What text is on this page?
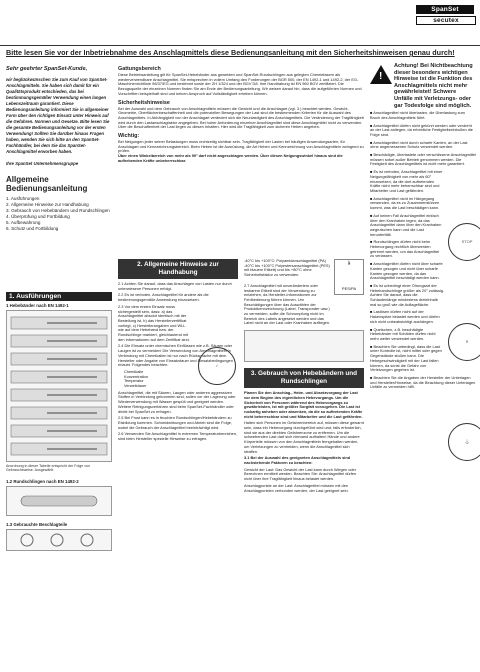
SpanSet
secutex
Bitte lesen Sie vor der Inbetriebnahme des Anschlagmittels diese Bedienungsanleitung mit den Sicherheitshinweisen genau durch!

Sehr geehrter SpanSet-Kunde,

wir beglückwünschen Sie zum Kauf von SpanSet-Anschlagmitteln. Sie haben sich damit für ein Qualitätsprodukt entschieden, das bei bestimmungsgemäßer Verwendung einen langen Lebenszeitraum garantiert. Diese Bedienungsanleitung informiert Sie in allgemeiner Form über den richtigen Einsatz unter Hinweis auf die Gefahren. Normen und Gesetze. Bitte lesen Sie die gesamte Bedienungsanleitung vor der ersten Verwendung! Sollten Sie darüber hinaus Fragen haben, wenden Sie sich bitte an den SpanSet-Fachhändler, bei dem Sie das SpanSet-Anschlagmittel erworben haben.

Ihre SpanSet Unternehmensgruppe

Allgemeine Bedienungsanleitung
1. Ausführungen
2. Allgemeine Hinweise zur Handhabung
3. Gebrauch von Hebebändern und Rundschlingen
4. Überprüfung und Fortbildung
5. Aufbewahrung
6. Schutz und Fortbildung
1. Ausführungen
1 Hebebänder nach EN 1492-1

Anordnung in dieser Tabelle entspricht der Folge von Gebrauchsweise. Ausgewählt.

1.2 Rundschlingen nach EN 1492-2
1.3 Gebrauchte Beschlagteile
Gattungsbereich

Diese Betriebsanleitung gilt für SpanSet-Hebebänder aus gewebten und SpanSet-Rundschlingen aus gelegten Chemiefasern als wiederverwendbare Anschlagmittel. Sie entsprechen in vollem Umfang den Forderungen der BGR 500, der EN 1492-1 und 1492-2, der EG-Maschinenrichtlinie 98/37/EG und bestimmt sowie der ZH 1/324 und der BGV D8. Ihre Handhabung ist EN 960 BGV zertifiziert. Die Bezugsquelle der einzelnen Normen finden Sie am Ende der Bedienungsanleitung. Wir weisen darauf hin, dass die aufgeführten Normen und Vorschriften beispielhaft sind und keinen Anspruch auf Vollständigkeit erheben können.

Sicherheitshinweise

Bei der Auswahl und dem Gebrauch von Anschlagmitteln müssen die Gewicht und die Anschlagart (vgl. 3.) beachtet werden. Gewicht, Geometrie, Oberflächenbeschaffenheit und die potenziellen Bewegungen der Last sind die bestimmenden Kriterien für die Auswahl des Anschlagmittels. In Abhängigkeit von der Anschlagart verändert sich die Neunlastigkeit des Anschlagmittels. Die Veränderung der Tragfähigkeit wird durch den Lastanschlagfaktor angegeben. Bei hoher Anforderung einzelner Anschlagmittel sind diese Anschlagmittel nicht zu verwenden. Über die Beschaffenheit der Last liegen zu diesen Inhalten. Hier wird die Tragfähigkeit zum sicheren Heben angeben.

Wichtig:

Bei Neigungen jeder seiner Belastungen muss rechtzeitig sichtbar sein. Tragfähigkeit der Lasten bei häufigen Anwendungsarten, für Anschlagart und Kennzeichnungsbereich. Beim Heben ist die Ausrüstung, die Art Heben und Kennzeichnung von Anschlagmitteln zwingend zu prüfen.

Über einen Winkelbereich von mehr als 90° darf nicht angeschlagen werden. Über diesen Neigungswinkel hinaus sind die aufhebenden Kräfte unbeherrschbar.

2. Allgemeine Hinweise zur Handhabung

2.1 Achten Sie darauf, dass das Anschlagen von Lasten nur durch unterwiesene Personen erfolgt.

2.2 Es ist verboten, Anschlagmittel für andere als die bestimmungsgemäße Anwendung einzusetzen.

2.3 Vor dem ersten Einsatz muss sichergestellt sein, dass: a) das Anschlagmittel absolut identisch mit der Bestellung ist, b) das Herstellerzertifikat vorliegt, c) Herstellerangaben und WLL wie auf dem Hebeband bzw. der Rundschlinge markiert, gleichlautend mit den Informationen auf dem Zertifikat sind.

✓

2.4 Die Einsatz unter chemischen Einflüssen wie z.B. Säuren oder Laugen ist zu vermeiden! Die Verwendung von Anschlagmitteln in Verbindung mit Chemikalien ist nur nach Rücksprache mit dem Hersteller oder Angabe von Einsatzdauer und Einsatzbedingungen erlaubt. Folgendes beachten:

Chemikalie
Konzentration
Temperatur
Verweildauer

Anschlagmittel, die mit Säuren, Laugen oder anderen aggressiven Stoffen in Verbindung gekommen sind, sollen vor der Lagerung oder Wiederverwendung mit Wasser gespült und geeignet werden. Weitere Reinigungsverfahren sind beim SpanSet-Fachhändler oder direkt bei SpanSet zu erfragen.

2.5 Bei Frost kann es in feuchten Rundschlingen/Hebebändern zu Eisbildung kommen. Schneidwirkungen und Abrieb sind die Folge, wobei die Gebrauch der Anschlagmittel beeinträchtigt wird.

2.6 Verwenden Sie Anschlagmittel in extremen Temperaturbereichen, sind beim Hersteller spezielle Hinweise zu erfragen.

-40°C bis +100°C: Polyamidanschlagmittel (PA) -40°C bis +100°C Polyestersanschlagmittel (PES) mit blauem Etikett) und bis +80°C ohne Sicherheitsfaktor zu verwenden.

🌡
PES/PA

2.7 Anschlagmittel mit unverändertem oder lesbarem Etikett sind der Verwendung zu entziehen, da Hersteller-Informationen zur Fehlbedienung führen können. Um Beschädigungen über das Auswählen der Produktkennzeichnung (Label, Transponder usw.) zu vermeiden, sollte die Schrumpfung nicht im Bereich des Labels angesetzt werden und das Label nicht an der Last oder Kranhaken aufliegen.

3. Gebrauch von Hebebändern und Rundschlingen

Planen Sie den Anschlag-, Hebe- und Absetzvorgang der Last vor dem Beginn des eigentlichen Hebevorgangs. Um die Sicherheit von Personen während des Hebevorgangs zu gewährleisten, ist mit größter Sorgfalt vorzugehen. Die Last ist ruckartig anheben oder absenken, da die so auftretenden Kräfte nicht beherrschbar sind und Mitarbeiter und die Last gefährden.

Halten sich Personen im Gefahrenbereich auf, müssen diese gewarnt sein, dass ein Hebevorgang durchgeführt wird und, falls erforderlich, sind sie aus der direkten Gefahrenzone zu entfernen. Um die schwebenden Last darf sich niemand aufhalten! Hände und andere Körperteile müssen von den Anschlagmitteln ferngehalten werden, um Verletzungen zu vermeiden, wenn die Anschlagmittel sich straffen.

3.1 Bei der Auswahl des geeigneten Anschlagmittels sind nachstehende Faktoren zu beachten:

Gewicht der Last: Das Gewicht der Last kann durch Wiegen oder Berechnen ermittelt werden. Beachten Sie: Anschlagmittel dürfen nicht über ihre Tragfähigkeit hinaus belastet werden.

Anschlagpunkte an der Last: Anschlagmittel müssen mit den Anschlagpunkten verbunden werden, der Last geeignet sein.

!
Achtung! Bei Nichtbeachtung dieser besonders wichtigen Hinweise ist die Funktion des Anschlagmittels nicht mehr gewährleistet! Schwere Unfälle mit Verletzungs- oder gar Todesfolge sind möglich.
■ Anschlagmittel nicht überlasten, die Überlastung zum Bruch des Anschlagmittels führt.
■ Anschlagmittel dürfen nicht gekürzt werden oder verdreht an der Last anliegen, da erhebliche Festigkeitseinbußen die Folge sind.
■ Anschlagmittel nicht durch scharfe Kanten, an der Last ohne angemessenen Schutz verwendet werden.
■ Beschädigte, überlastete oder verschlissene Anschlagmittel müssen sofort außer Betrieb genommen werden. Die Festigkeit des Anschlagmittels ist nicht mehr garantiert.
■ Es ist verboten, Anschlagmittel mit einer Neigungsfähigkeit von mehr als 60° einzusetzen, da die dort auftretenden Kräfte nicht mehr beherrschbar sind und Mitarbeiter und Last gefährden.
■ Anschlagmittel nicht im Hängegang verwenden, da es zu Zusammenstürzen kommt, was die Last beschädigen kann.
■ Auf keinen Fall Anschlagmittel einfach über den Kranhaken legen, da das Anschlagmittel dann über den Kranhaken wegrutschen kann und die Last herunterfällt.
■ Rundschlingen dürfen nicht beim Hebevorgang rechtlich überwerden getrennt werden, um das Anschlagmittel zu verlassen.
■ Anschlagmittel dürfen nicht über scharfe Kanten gezogen und nicht über scharfe Kanten gezogen werden, da das Anschlagmittel beschädigt werden kann.
■ Es ist unbedingt einer Ölrungsart der Hebebandschlinge größer als 20° zulässig. Achten Sie darauf, dass die Schlaufenlänge mindestens dreieinhalb mal so groß wie die Auflagefläche.
■ Lastösen dürfen nicht auf der Hakenspitze belastet werden und dürfen sich nicht unbeabsichtigt aushängen.
■ Quetschen, z.B. beschädigte Hebebänder mit Schäden dürfen nicht mehr weiter verwendet werden.
■ Beachten Sie unbedingt, dass die Last unter Kontrolle ist, nicht mittel oder gegen Gegenstände stoßen kann. Die Hebegeschwindigkeit mit der Last fallen können, da sonst die Gefahr von Verletzungen gegeben ist.
■ Beachten Sie die Angaben der Hersteller der Unterlagen und Hersteller/Hinweise, da die Beachtung dieser Unterlagen Unfälle zu vermeiden hilft.
STOP
✕
⚓
